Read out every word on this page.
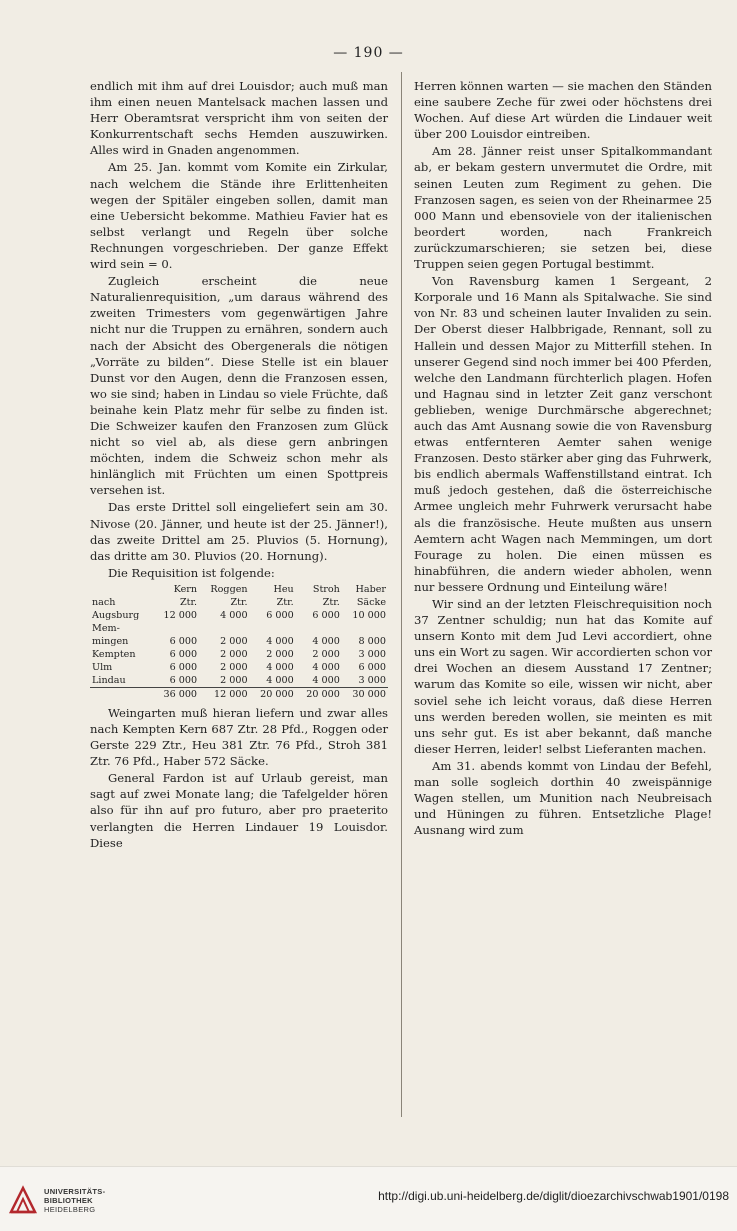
— 190 —

endlich mit ihm auf drei Louisdor; auch muß man ihm einen neuen Mantelsack machen lassen und Herr Oberamtsrat verspricht ihm von seiten der Konkurrentschaft sechs Hemden auszuwirken. Alles wird in Gnaden angenommen.

Am 25. Jan. kommt vom Komite ein Zirkular, nach welchem die Stände ihre Erlittenheiten wegen der Spitäler eingeben sollen, damit man eine Uebersicht bekomme. Mathieu Favier hat es selbst verlangt und Regeln über solche Rechnungen vorgeschrieben. Der ganze Effekt wird sein = 0.

Zugleich erscheint die neue Naturalienrequisition, „um daraus während des zweiten Trimesters vom gegenwärtigen Jahre nicht nur die Truppen zu ernähren, sondern auch nach der Absicht des Obergenerals die nötigen „Vorräte zu bilden“. Diese Stelle ist ein blauer Dunst vor den Augen, denn die Franzosen essen, wo sie sind; haben in Lindau so viele Früchte, daß beinahe kein Platz mehr für selbe zu finden ist. Die Schweizer kaufen den Franzosen zum Glück nicht so viel ab, als diese gern anbringen möchten, indem die Schweiz schon mehr als hinlänglich mit Früchten um einen Spottpreis versehen ist.

Das erste Drittel soll eingeliefert sein am 30. Nivose (20. Jänner, und heute ist der 25. Jänner!), das zweite Drittel am 25. Pluvios (5. Hornung), das dritte am 30. Pluvios (20. Hornung).

Die Requisition ist folgende:

	Kern	Roggen	Heu	Stroh	Haber
nach	Ztr.	Ztr.	Ztr.	Ztr.	Säcke
Augsburg	12 000	4 000	6 000	6 000	10 000
Mem-					
mingen	6 000	2 000	4 000	4 000	8 000
Kempten	6 000	2 000	2 000	2 000	3 000
Ulm	6 000	2 000	4 000	4 000	6 000
Lindau	6 000	2 000	4 000	4 000	3 000
	36 000	12 000	20 000	20 000	30 000

Weingarten muß hieran liefern und zwar alles nach Kempten Kern 687 Ztr. 28 Pfd., Roggen oder Gerste 229 Ztr., Heu 381 Ztr. 76 Pfd., Stroh 381 Ztr. 76 Pfd., Haber 572 Säcke.

General Fardon ist auf Urlaub gereist, man sagt auf zwei Monate lang; die Tafelgelder hören also für ihn auf pro futuro, aber pro praeterito verlangten die Herren Lindauer 19 Louisdor. Diese

Herren können warten — sie machen den Ständen eine saubere Zeche für zwei oder höchstens drei Wochen. Auf diese Art würden die Lindauer weit über 200 Louisdor eintreiben.

Am 28. Jänner reist unser Spitalkommandant ab, er bekam gestern unvermutet die Ordre, mit seinen Leuten zum Regiment zu gehen. Die Franzosen sagen, es seien von der Rheinarmee 25 000 Mann und ebensoviele von der italienischen beordert worden, nach Frankreich zurückzumarschieren; sie setzen bei, diese Truppen seien gegen Portugal bestimmt.

Von Ravensburg kamen 1 Sergeant, 2 Korporale und 16 Mann als Spitalwache. Sie sind von Nr. 83 und scheinen lauter Invaliden zu sein. Der Oberst dieser Halbbrigade, Rennant, soll zu Hallein und dessen Major zu Mitterfill stehen. In unserer Gegend sind noch immer bei 400 Pferden, welche den Landmann fürchterlich plagen. Hofen und Hagnau sind in letzter Zeit ganz verschont geblieben, wenige Durchmärsche abgerechnet; auch das Amt Ausnang sowie die von Ravensburg etwas entfernteren Aemter sahen wenige Franzosen. Desto stärker aber ging das Fuhrwerk, bis endlich abermals Waffenstillstand eintrat. Ich muß jedoch gestehen, daß die österreichische Armee ungleich mehr Fuhrwerk verursacht habe als die französische. Heute mußten aus unsern Aemtern acht Wagen nach Memmingen, um dort Fourage zu holen. Die einen müssen es hinabführen, die andern wieder abholen, wenn nur bessere Ordnung und Einteilung wäre!

Wir sind an der letzten Fleischrequisition noch 37 Zentner schuldig; nun hat das Komite auf unsern Konto mit dem Jud Levi accordiert, ohne uns ein Wort zu sagen. Wir accordierten schon vor drei Wochen an diesem Ausstand 17 Zentner; warum das Komite so eile, wissen wir nicht, aber soviel sehe ich leicht voraus, daß diese Herren uns werden bereden wollen, sie meinten es mit uns sehr gut. Es ist aber bekannt, daß manche dieser Herren, leider! selbst Lieferanten machen.

Am 31. abends kommt von Lindau der Befehl, man solle sogleich dorthin 40 zweispännige Wagen stellen, um Munition nach Neubreisach und Hüningen zu führen. Entsetzliche Plage! Ausnang wird zum

UNIVERSITÄTS-
BIBLIOTHEK
HEIDELBERG
http://digi.ub.uni-heidelberg.de/diglit/dioezarchivschwab1901/0198
